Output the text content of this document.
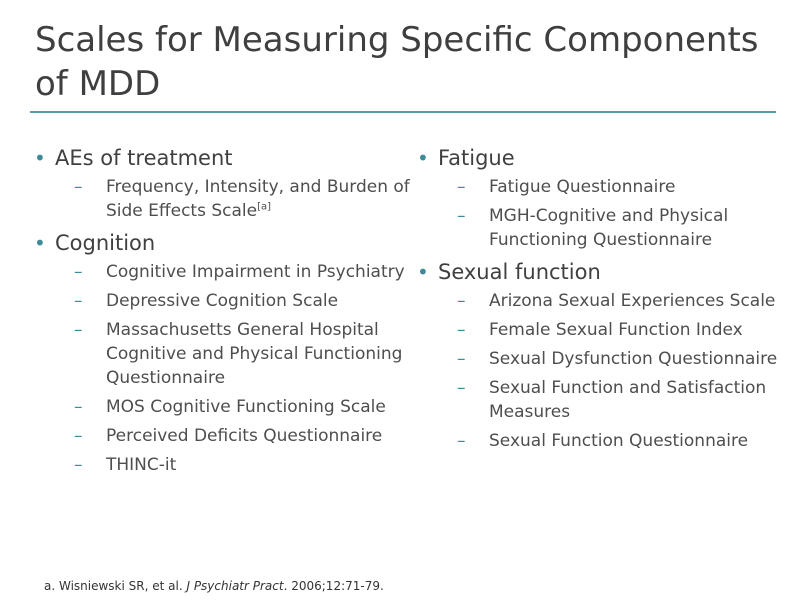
Scales for Measuring Specific Components
of MDD
• AEs of treatment
– Frequency, Intensity, and Burden of Side Effects Scale[a]
• Cognition
– Cognitive Impairment in Psychiatry
– Depressive Cognition Scale
– Massachusetts General Hospital Cognitive and Physical Functioning Questionnaire
– MOS Cognitive Functioning Scale
– Perceived Deficits Questionnaire
– THINC-it
• Fatigue
– Fatigue Questionnaire
– MGH-Cognitive and Physical Functioning Questionnaire
• Sexual function
– Arizona Sexual Experiences Scale
– Female Sexual Function Index
– Sexual Dysfunction Questionnaire
– Sexual Function and Satisfaction Measures
– Sexual Function Questionnaire
a. Wisniewski SR, et al. J Psychiatr Pract. 2006;12:71-79.
